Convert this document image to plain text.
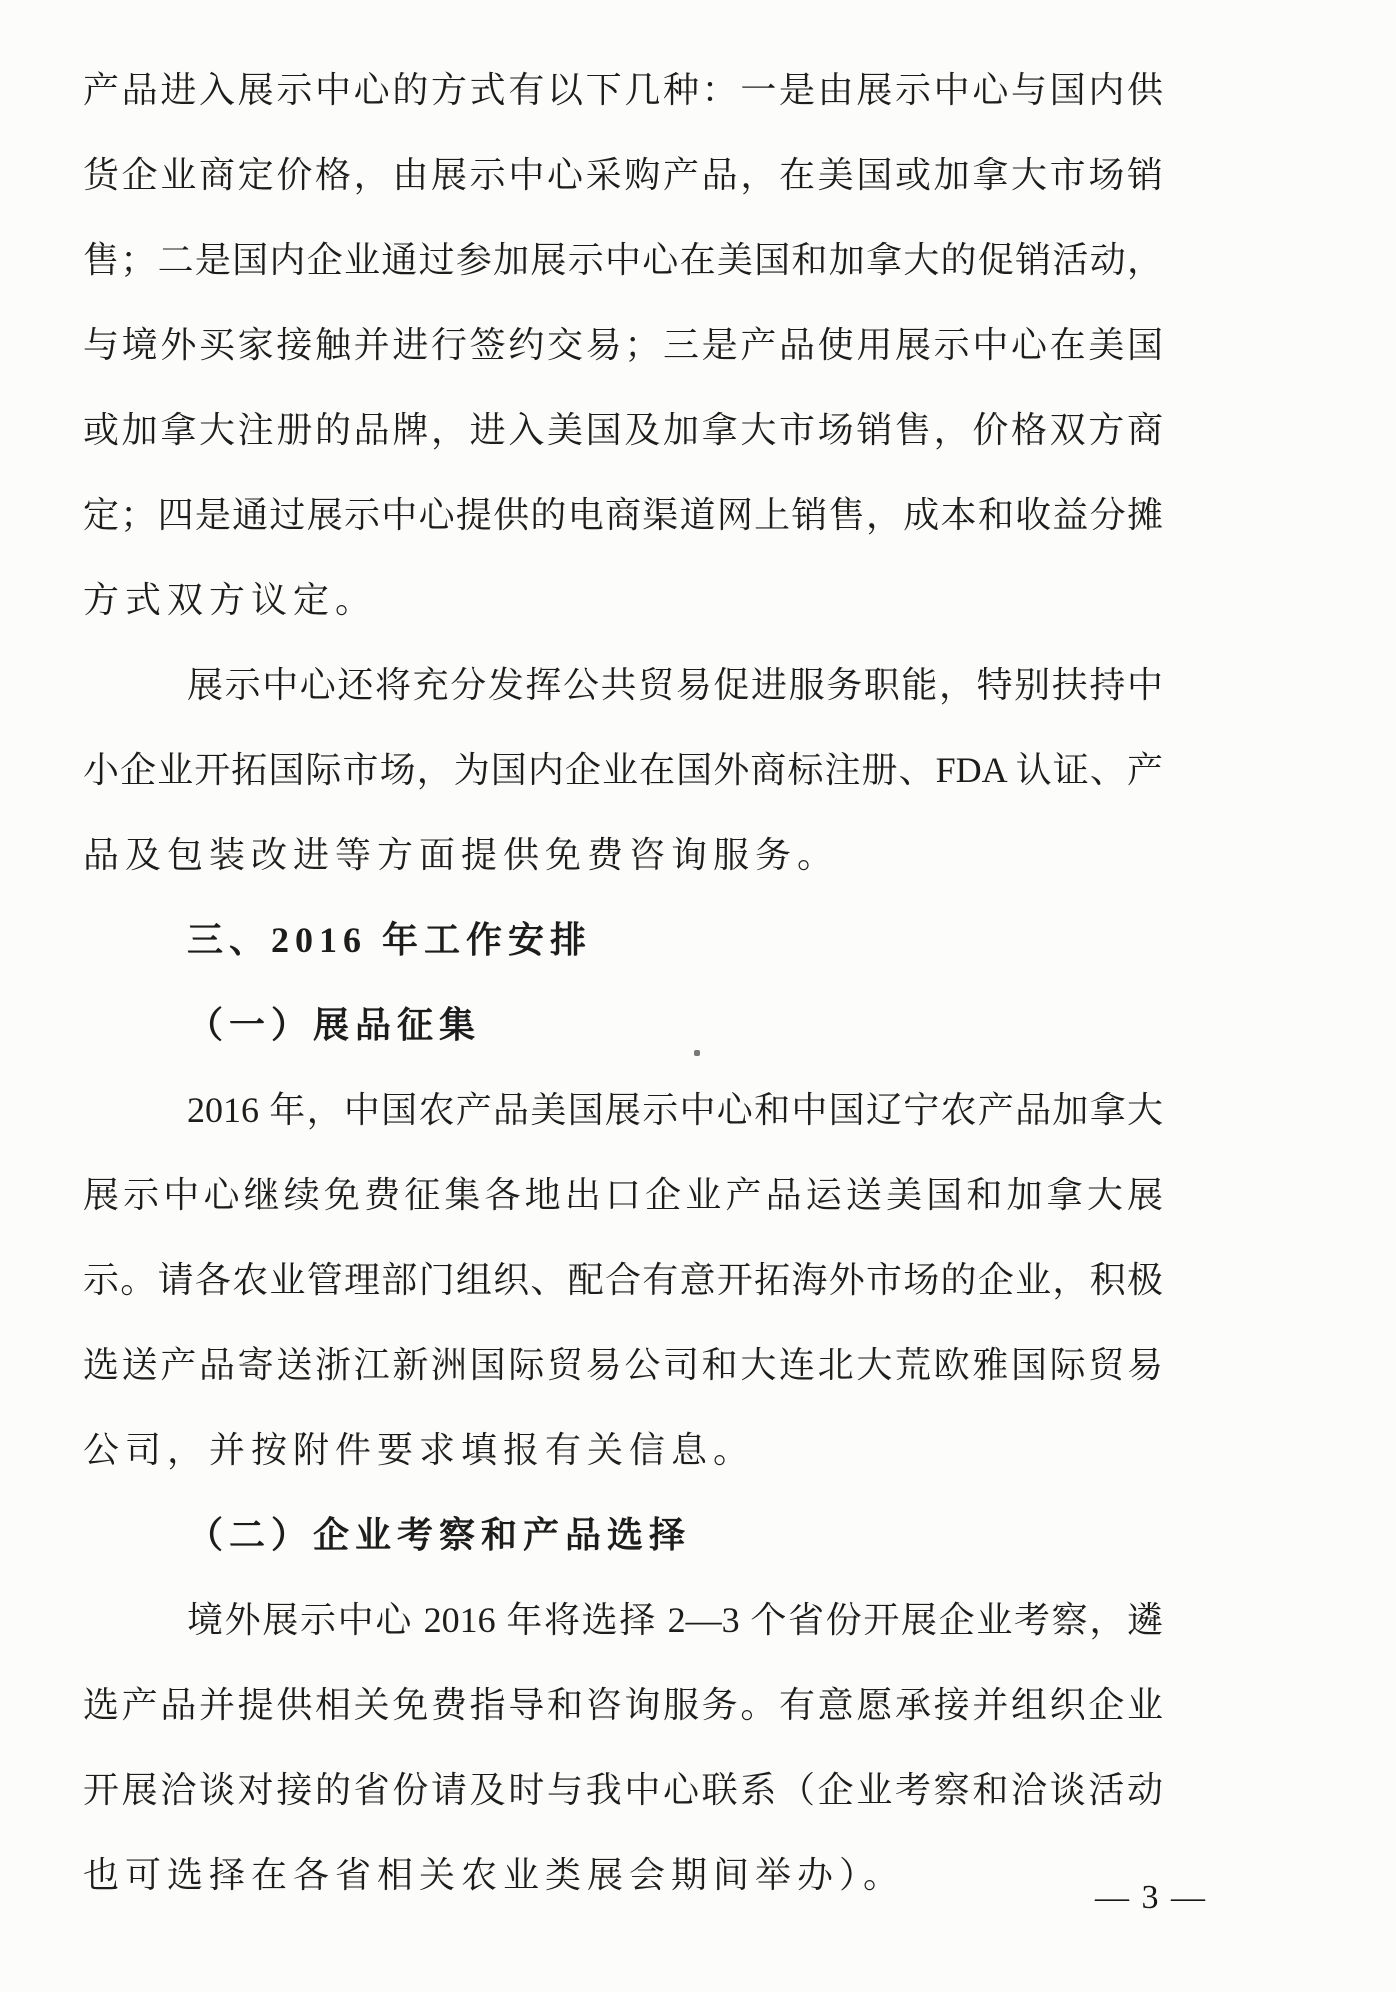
产品进入展示中心的方式有以下几种：一是由展示中心与国内供
货企业商定价格，由展示中心采购产品，在美国或加拿大市场销
售；二是国内企业通过参加展示中心在美国和加拿大的促销活动，
与境外买家接触并进行签约交易；三是产品使用展示中心在美国
或加拿大注册的品牌，进入美国及加拿大市场销售，价格双方商
定；四是通过展示中心提供的电商渠道网上销售，成本和收益分摊
方式双方议定。
展示中心还将充分发挥公共贸易促进服务职能，特别扶持中
小企业开拓国际市场，为国内企业在国外商标注册、FDA 认证、产
品及包装改进等方面提供免费咨询服务。
三、2016 年工作安排
（一）展品征集
2016 年，中国农产品美国展示中心和中国辽宁农产品加拿大
展示中心继续免费征集各地出口企业产品运送美国和加拿大展
示。请各农业管理部门组织、配合有意开拓海外市场的企业，积极
选送产品寄送浙江新洲国际贸易公司和大连北大荒欧雅国际贸易
公司，并按附件要求填报有关信息。
（二）企业考察和产品选择
境外展示中心 2016 年将选择 2—3 个省份开展企业考察，遴
选产品并提供相关免费指导和咨询服务。有意愿承接并组织企业
开展洽谈对接的省份请及时与我中心联系（企业考察和洽谈活动
也可选择在各省相关农业类展会期间举办）。
— 3 —
